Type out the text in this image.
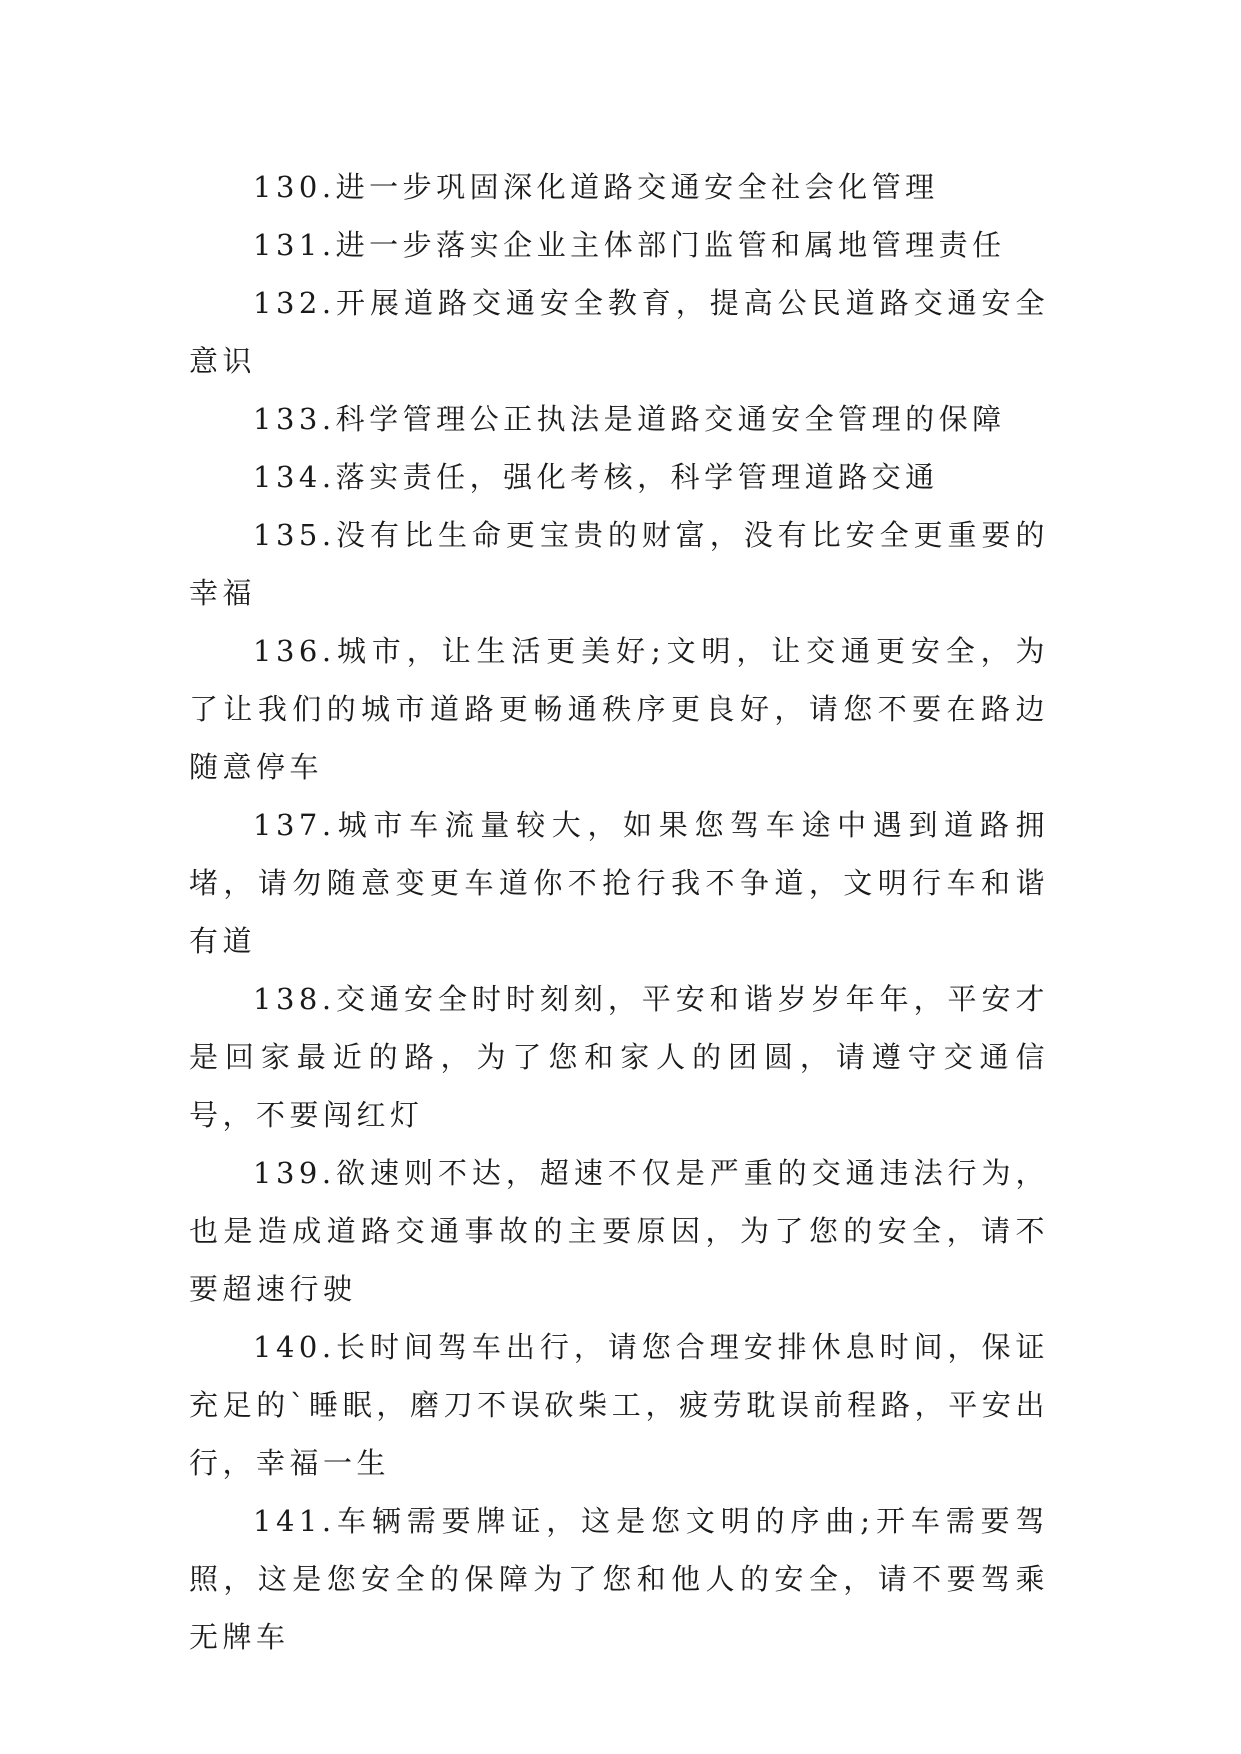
130.进一步巩固深化道路交通安全社会化管理

131.进一步落实企业主体部门监管和属地管理责任

132.开展道路交通安全教育，提高公民道路交通安全意识

133.科学管理公正执法是道路交通安全管理的保障

134.落实责任，强化考核，科学管理道路交通

135.没有比生命更宝贵的财富，没有比安全更重要的幸福

136.城市，让生活更美好;文明，让交通更安全，为了让我们的城市道路更畅通秩序更良好，请您不要在路边随意停车

137.城市车流量较大，如果您驾车途中遇到道路拥堵，请勿随意变更车道你不抢行我不争道，文明行车和谐有道

138.交通安全时时刻刻，平安和谐岁岁年年，平安才是回家最近的路，为了您和家人的团圆，请遵守交通信号，不要闯红灯

139.欲速则不达，超速不仅是严重的交通违法行为，也是造成道路交通事故的主要原因，为了您的安全，请不要超速行驶

140.长时间驾车出行，请您合理安排休息时间，保证充足的`睡眠，磨刀不误砍柴工，疲劳耽误前程路，平安出行，幸福一生

141.车辆需要牌证，这是您文明的序曲;开车需要驾照，这是您安全的保障为了您和他人的安全，请不要驾乘无牌车
